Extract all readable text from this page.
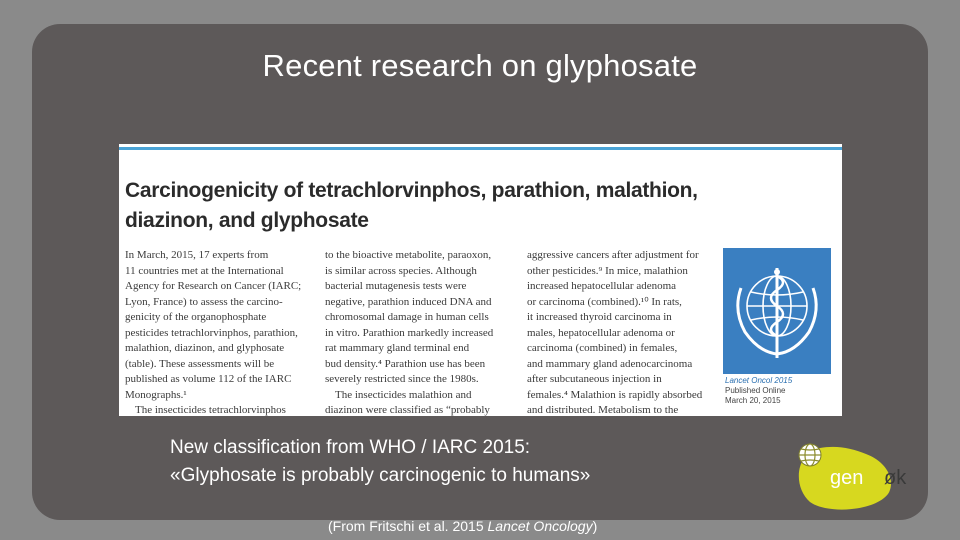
Recent research on glyphosate
Carcinogenicity of tetrachlorvinphos, parathion, malathion,
diazinon, and glyphosate
In March, 2015, 17 experts from
11 countries met at the International
Agency for Research on Cancer (IARC;
Lyon, France) to assess the carcino-
genicity of the organophosphate
pesticides tetrachlorvinphos, parathion,
malathion, diazinon, and glyphosate
(table). These assessments will be
published as volume 112 of the IARC
Monographs.¹
The insecticides tetrachlorvinphos
to the bioactive metabolite, paraoxon,
is similar across species. Although
bacterial mutagenesis tests were
negative, parathion induced DNA and
chromosomal damage in human cells
in vitro. Parathion markedly increased
rat mammary gland terminal end
bud density.⁴ Parathion use has been
severely restricted since the 1980s.
The insecticides malathion and
diazinon were classified as “probably
aggressive cancers after adjustment for
other pesticides.⁹ In mice, malathion
increased hepatocellular adenoma
or carcinoma (combined).¹⁰ In rats,
it increased thyroid carcinoma in
males, hepatocellular adenoma or
carcinoma (combined) in females,
and mammary gland adenocarcinoma
after subcutaneous injection in
females.⁴ Malathion is rapidly absorbed
and distributed. Metabolism to the
Lancet Oncol 2015
Published Online
March 20, 2015
New classification from WHO / IARC 2015:
«Glyphosate is probably carcinogenic to humans»
(From Fritschi et al. 2015 Lancet Oncology)
gen øk
